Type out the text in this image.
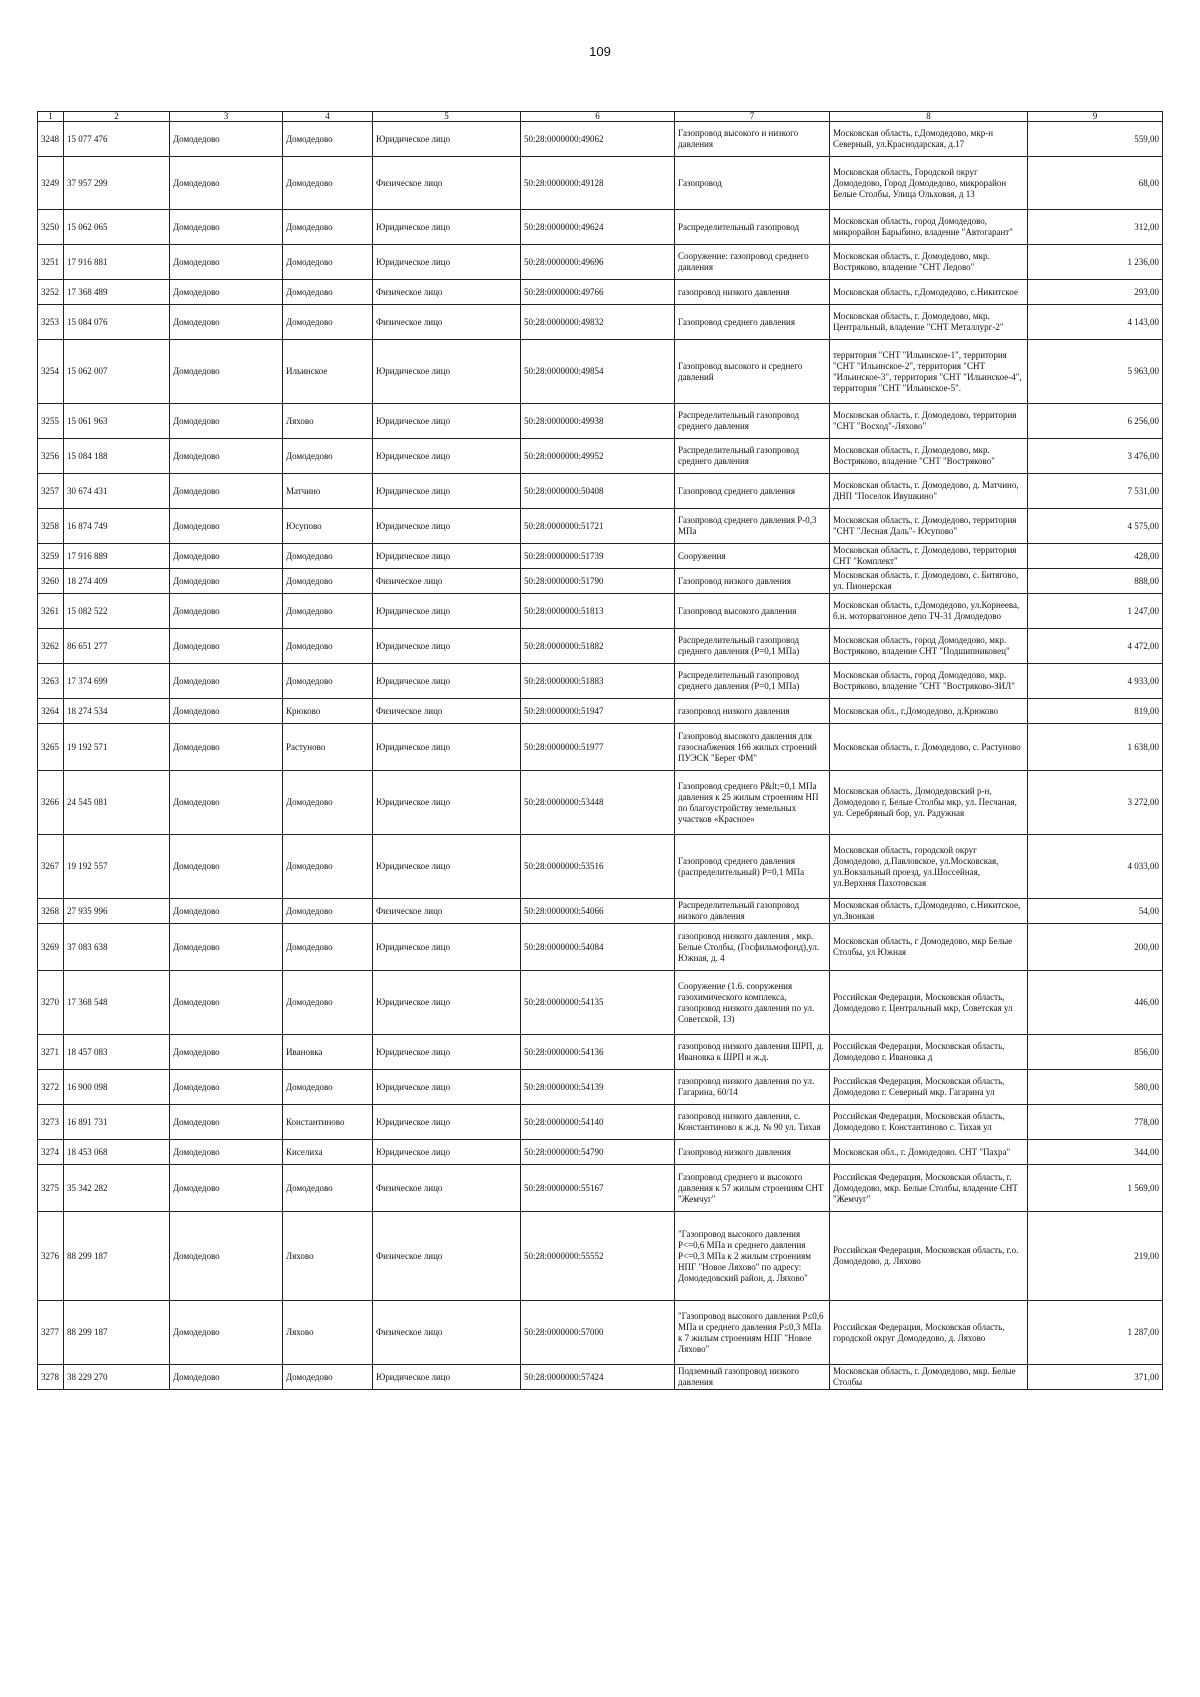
109
1	2	3	4	5	6	7	8	9
3248	15 077 476	Домодедово	Домодедово	Юридическое лицо	50:28:0000000:49062	Газопровод высокого и низкого давления	Московская область, г.Домодедово, мкр-н Северный, ул.Краснодарская, д.17	559,00
3249	37 957 299	Домодедово	Домодедово	Физическое лицо	50:28:0000000:49128	Газопровод	Московская область, Городской округ Домодедово, Город Домодедово, микрорайон Белые Столбы, Улица Ольховая, д 13	68,00
3250	15 062 065	Домодедово	Домодедово	Юридическое лицо	50:28:0000000:49624	Распределительный газопровод	Московская область, город Домодедово, микрорайон Барыбино, владение "Автогарант"	312,00
3251	17 916 881	Домодедово	Домодедово	Юридическое лицо	50:28:0000000:49696	Сооружение: газопровод среднего давления	Московская область, г. Домодедово, мкр. Востряково, владение "СНТ Ледово"	1 236,00
3252	17 368 489	Домодедово	Домодедово	Физическое лицо	50:28:0000000:49766	газопровод низкого давления	Московская область, г.Домодедово, с.Никитское	293,00
3253	15 084 076	Домодедово	Домодедово	Физическое лицо	50:28:0000000:49832	Газопровод среднего давления	Московская область, г. Домодедово, мкр. Центральный, владение "СНТ Металлург-2"	4 143,00
3254	15 062 007	Домодедово	Ильинское	Юридическое лицо	50:28:0000000:49854	Газопровод высокого и среднего давлений	территория "СНТ "Ильинское-1", территория "СНТ "Ильинское-2", территория "СНТ "Ильинское-3", территория "СНТ "Ильинское-4", территория "СНТ "Ильинское-5".	5 963,00
3255	15 061 963	Домодедово	Ляхово	Юридическое лицо	50:28:0000000:49938	Распределительный газопровод среднего давления	Московская область, г. Домодедово, территория "СНТ "Восход"-Ляхово"	6 256,00
3256	15 084 188	Домодедово	Домодедово	Юридическое лицо	50:28:0000000:49952	Распределительный газопровод среднего давления	Московская область, г. Домодедово, мкр. Востряково, владение "СНТ "Востряково"	3 476,00
3257	30 674 431	Домодедово	Матчино	Юридическое лицо	50:28:0000000:50408	Газопровод среднего давления	Московская область, г. Домодедово, д. Матчино, ДНП "Поселок Ивушкино"	7 531,00
3258	16 874 749	Домодедово	Юсупово	Юридическое лицо	50:28:0000000:51721	Газопровод среднего давления Р-0,3 МПа	Московская область, г. Домодедово, территория "СНТ "Лесная Даль"- Юсупово"	4 575,00
3259	17 916 889	Домодедово	Домодедово	Юридическое лицо	50:28:0000000:51739	Сооружения	Московская область, г. Домодедово, территория СНТ "Комплект"	428,00
3260	18 274 409	Домодедово	Домодедово	Физическое лицо	50:28:0000000:51790	Газопровод низкого давления	Московская область, г. Домодедово, с. Битягово, ул. Пионерская	888,00
3261	15 082 522	Домодедово	Домодедово	Юридическое лицо	50:28:0000000:51813	Газопровод высокого давления	Московская область, г.Домодедово, ул.Корнеева, б.н. моторвагонное депо ТЧ-31 Домодедово	1 247,00
3262	86 651 277	Домодедово	Домодедово	Юридическое лицо	50:28:0000000:51882	Распределительный газопровод среднего давления (Р=0,1 МПа)	Московская область, город Домодедово, мкр. Востряково, владение СНТ "Подшипниковец"	4 472,00
3263	17 374 699	Домодедово	Домодедово	Юридическое лицо	50:28:0000000:51883	Распределительный газопровод среднего давления (Р=0,1 МПа)	Московская область, город Домодедово, мкр. Востряково, владение "СНТ "Востряково-ЗИЛ"	4 933,00
3264	18 274 534	Домодедово	Крюково	Физическое лицо	50:28:0000000:51947	газопровод низкого давления	Московская обл., г.Домодедово, д.Крюково	819,00
3265	19 192 571	Домодедово	Растуново	Юридическое лицо	50:28:0000000:51977	Газопровод высокого давления для газоснабжения 166 жилых строений ПУЭСК "Берег ФМ"	Московская область, г. Домодедово, с. Растуново	1 638,00
3266	24 545 081	Домодедово	Домодедово	Юридическое лицо	50:28:0000000:53448	Газопровод среднего P&lt;=0,1 МПа давления к 25 жилым строениям НП по благоустройству земельных участков «Красное»	Московская область, Домодедовский р-н, Домодедово г, Белые Столбы мкр, ул. Песчаная, ул. Серебряный бор, ул. Радужная	3 272,00
3267	19 192 557	Домодедово	Домодедово	Юридическое лицо	50:28:0000000:53516	Газопровод среднего давления (распределительный) Р=0,1 МПа	Московская область, городской округ Домодедово, д.Павловское, ул.Московская, ул.Вокзальный проезд, ул.Шоссейная, ул.Верхняя Пахотовская	4 033,00
3268	27 935 996	Домодедово	Домодедово	Физическое лицо	50:28:0000000:54066	Распределительный газопровод низкого давления	Московская область, г.Домодедово, с.Никитское, ул.Звонкая	54,00
3269	37 083 638	Домодедово	Домодедово	Юридическое лицо	50:28:0000000:54084	газопровод низкого давления , мкр. Белые Столбы, (Госфильмофонд),ул. Южная, д. 4	Московская область, г Домодедово, мкр Белые Столбы, ул Южная	200,00
3270	17 368 548	Домодедово	Домодедово	Юридическое лицо	50:28:0000000:54135	Сооружение (1.6. сооружения газохимического комплекса, газопровод низкого давления по ул. Советской, 13)	Российская Федерация, Московская область, Домодедово г. Центральный мкр, Советская ул	446,00
3271	18 457 083	Домодедово	Ивановка	Юридическое лицо	50:28:0000000:54136	газопровод низкого давления ШРП, д. Ивановка к ШРП и ж.д.	Российская Федерация, Московская область, Домодедово г. Ивановка д	856,00
3272	16 900 098	Домодедово	Домодедово	Юридическое лицо	50:28:0000000:54139	газопровод низкого давления по ул. Гагарина, 60/14	Российская Федерация, Московская область, Домодедово г. Северный мкр. Гагарина ул	580,00
3273	16 891 731	Домодедово	Константиново	Юридическое лицо	50:28:0000000:54140	газопровод низкого давления, с. Константиново к ж.д. № 90 ул. Тихая	Российская Федерация, Московская область, Домодедово г. Константиново с. Тихая ул	778,00
3274	18 453 068	Домодедово	Киселиха	Юридическое лицо	50:28:0000000:54790	Газопровод низкого давления	Московская обл., г. Домодедово. СНТ "Пахра"	344,00
3275	35 342 282	Домодедово	Домодедово	Физическое лицо	50:28:0000000:55167	Газопровод среднего и высокого давления к 57 жилым строениям СНТ "Жемчуг"	Российская Федерация, Московская область, г. Домодедово, мкр. Белые Столбы, владение СНТ "Жемчуг"	1 569,00
3276	88 299 187	Домодедово	Ляхово	Физическое лицо	50:28:0000000:55552	"Газопровод высокого давления Р<=0,6 МПа и среднего давления Р<=0,3 МПа к 2 жилым строениям НПГ "Новое Ляхово" по адресу: Домодедовский район, д. Ляхово"	Российская Федерация, Московская область, г.о. Домодедово, д. Ляхово	219,00
3277	88 299 187	Домодедово	Ляхово	Физическое лицо	50:28:0000000:57000	"Газопровод высокого давления Р≤0,6 МПа и среднего давления Р≤0,3 МПа к 7 жилым строениям НПГ "Новое Ляхово"	Российская Федерация, Московская область, городской округ Домодедово, д. Ляхово	1 287,00
3278	38 229 270	Домодедово	Домодедово	Юридическое лицо	50:28:0000000:57424	Подземный газопровод низкого давления	Московская область, г. Домодедово, мкр. Белые Столбы	371,00
